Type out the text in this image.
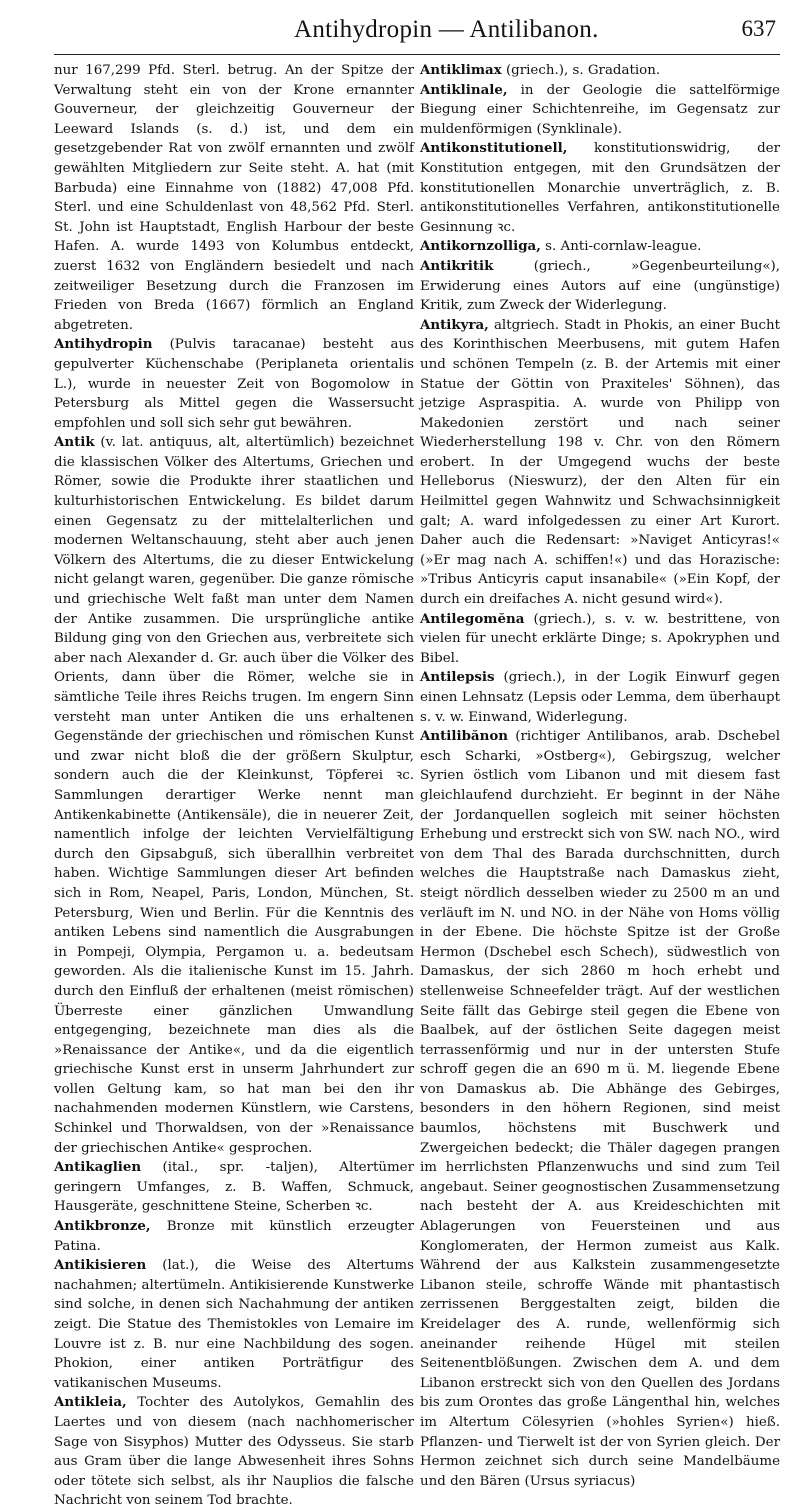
Antihydropin — Antilibanon.	637
nur 167,299 Pfd. Sterl. betrug. An der Spitze der Verwaltung steht ein von der Krone ernannter Gouverneur, der gleichzeitig Gouverneur der Leeward Islands (s. d.) ist, und dem ein gesetzgebender Rat von zwölf ernannten und zwölf gewählten Mitgliedern zur Seite steht. A. hat (mit Barbuda) eine Einnahme von (1882) 47,008 Pfd. Sterl. und eine Schuldenlast von 48,562 Pfd. Sterl. St. John ist Hauptstadt, English Harbour der beste Hafen. A. wurde 1493 von Kolumbus entdeckt, zuerst 1632 von Engländern besiedelt und nach zeitweiliger Besetzung durch die Franzosen im Frieden von Breda (1667) förmlich an England abgetreten.
Antihydropin (Pulvis taracanae) besteht aus gepulverter Küchenschabe (Periplaneta orientalis L.), wurde in neuester Zeit von Bogomolow in Petersburg als Mittel gegen die Wassersucht empfohlen und soll sich sehr gut bewähren.
Antik (v. lat. antiquus, alt, altertümlich) bezeichnet die klassischen Völker des Altertums, Griechen und Römer, sowie die Produkte ihrer staatlichen und kulturhistorischen Entwickelung. Es bildet darum einen Gegensatz zu der mittelalterlichen und modernen Weltanschauung, steht aber auch jenen Völkern des Altertums, die zu dieser Entwickelung nicht gelangt waren, gegenüber. Die ganze römische und griechische Welt faßt man unter dem Namen der Antike zusammen. Die ursprüngliche antike Bildung ging von den Griechen aus, verbreitete sich aber nach Alexander d. Gr. auch über die Völker des Orients, dann über die Römer, welche sie in sämtliche Teile ihres Reichs trugen. Im engern Sinn versteht man unter Antiken die uns erhaltenen Gegenstände der griechischen und römischen Kunst und zwar nicht bloß die der größern Skulptur, sondern auch die der Kleinkunst, Töpferei ꝛc. Sammlungen derartiger Werke nennt man Antikenkabinette (Antikensäle), die in neuerer Zeit, namentlich infolge der leichten Vervielfältigung durch den Gipsabguß, sich überallhin verbreitet haben. Wichtige Sammlungen dieser Art befinden sich in Rom, Neapel, Paris, London, München, St. Petersburg, Wien und Berlin. Für die Kenntnis des antiken Lebens sind namentlich die Ausgrabungen in Pompeji, Olympia, Pergamon u. a. bedeutsam geworden. Als die italienische Kunst im 15. Jahrh. durch den Einfluß der erhaltenen (meist römischen) Überreste einer gänzlichen Umwandlung entgegenging, bezeichnete man dies als die »Renaissance der Antike«, und da die eigentlich griechische Kunst erst in unserm Jahrhundert zur vollen Geltung kam, so hat man bei den ihr nachahmenden modernen Künstlern, wie Carstens, Schinkel und Thorwaldsen, von der »Renaissance der griechischen Antike« gesprochen.
Antikaglien (ital., spr. -taljen), Altertümer geringern Umfanges, z. B. Waffen, Schmuck, Hausgeräte, geschnittene Steine, Scherben ꝛc.
Antikbronze, Bronze mit künstlich erzeugter Patina.
Antikisieren (lat.), die Weise des Altertums nachahmen; altertümeln. Antikisierende Kunstwerke sind solche, in denen sich Nachahmung der antiken zeigt. Die Statue des Themistokles von Lemaire im Louvre ist z. B. nur eine Nachbildung des sogen. Phokion, einer antiken Porträtfigur des vatikanischen Museums.
Antikleia, Tochter des Autolykos, Gemahlin des Laertes und von diesem (nach nachhomerischer Sage von Sisyphos) Mutter des Odysseus. Sie starb aus Gram über die lange Abwesenheit ihres Sohns oder tötete sich selbst, als ihr Nauplios die falsche Nachricht von seinem Tod brachte.
Antiklimax (griech.), s. Gradation.
Antiklinale, in der Geologie die sattelförmige Biegung einer Schichtenreihe, im Gegensatz zur muldenförmigen (Synklinale).
Antikonstitutionell, konstitutionswidrig, der Konstitution entgegen, mit den Grundsätzen der konstitutionellen Monarchie unverträglich, z. B. antikonstitutionelles Verfahren, antikonstitutionelle Gesinnung ꝛc.
Antikornzolliga, s. Anti-cornlaw-league.
Antikritik (griech., »Gegenbeurteilung«), Erwiderung eines Autors auf eine (ungünstige) Kritik, zum Zweck der Widerlegung.
Antikyra, altgriech. Stadt in Phokis, an einer Bucht des Korinthischen Meerbusens, mit gutem Hafen und schönen Tempeln (z. B. der Artemis mit einer Statue der Göttin von Praxiteles' Söhnen), das jetzige Aspraspitia. A. wurde von Philipp von Makedonien zerstört und nach seiner Wiederherstellung 198 v. Chr. von den Römern erobert. In der Umgegend wuchs der beste Helleborus (Nieswurz), der den Alten für ein Heilmittel gegen Wahnwitz und Schwachsinnigkeit galt; A. ward infolgedessen zu einer Art Kurort. Daher auch die Redensart: »Naviget Anticyras!« (»Er mag nach A. schiffen!«) und das Horazische: »Tribus Anticyris caput insanabile« (»Ein Kopf, der durch ein dreifaches A. nicht gesund wird«).
Antilegomĕna (griech.), s. v. w. bestrittene, von vielen für unecht erklärte Dinge; s. Apokryphen und Bibel.
Antilepsis (griech.), in der Logik Einwurf gegen einen Lehnsatz (Lepsis oder Lemma, dem überhaupt s. v. w. Einwand, Widerlegung.
Antilibănon (richtiger Antilibanos, arab. Dschebel esch Scharki, »Ostberg«), Gebirgszug, welcher Syrien östlich vom Libanon und mit diesem fast gleichlaufend durchzieht. Er beginnt in der Nähe der Jordanquellen sogleich mit seiner höchsten Erhebung und erstreckt sich von SW. nach NO., wird von dem Thal des Barada durchschnitten, durch welches die Hauptstraße nach Damaskus zieht, steigt nördlich desselben wieder zu 2500 m an und verläuft im N. und NO. in der Nähe von Homs völlig in der Ebene. Die höchste Spitze ist der Große Hermon (Dschebel esch Schech), südwestlich von Damaskus, der sich 2860 m hoch erhebt und stellenweise Schneefelder trägt. Auf der westlichen Seite fällt das Gebirge steil gegen die Ebene von Baalbek, auf der östlichen Seite dagegen meist terrassenförmig und nur in der untersten Stufe schroff gegen die an 690 m ü. M. liegende Ebene von Damaskus ab. Die Abhänge des Gebirges, besonders in den höhern Regionen, sind meist baumlos, höchstens mit Buschwerk und Zwergeichen bedeckt; die Thäler dagegen prangen im herrlichsten Pflanzenwuchs und sind zum Teil angebaut. Seiner geognostischen Zusammensetzung nach besteht der A. aus Kreideschichten mit Ablagerungen von Feuersteinen und aus Konglomeraten, der Hermon zumeist aus Kalk. Während der aus Kalkstein zusammengesetzte Libanon steile, schroffe Wände mit phantastisch zerrissenen Berggestalten zeigt, bilden die Kreidelager des A. runde, wellenförmig sich aneinander reihende Hügel mit steilen Seitenentblößungen. Zwischen dem A. und dem Libanon erstreckt sich von den Quellen des Jordans bis zum Orontes das große Längenthal hin, welches im Altertum Cölesyrien (»hohles Syrien«) hieß. Pflanzen- und Tierwelt ist der von Syrien gleich. Der Hermon zeichnet sich durch seine Mandelbäume und den Bären (Ursus syriacus)
